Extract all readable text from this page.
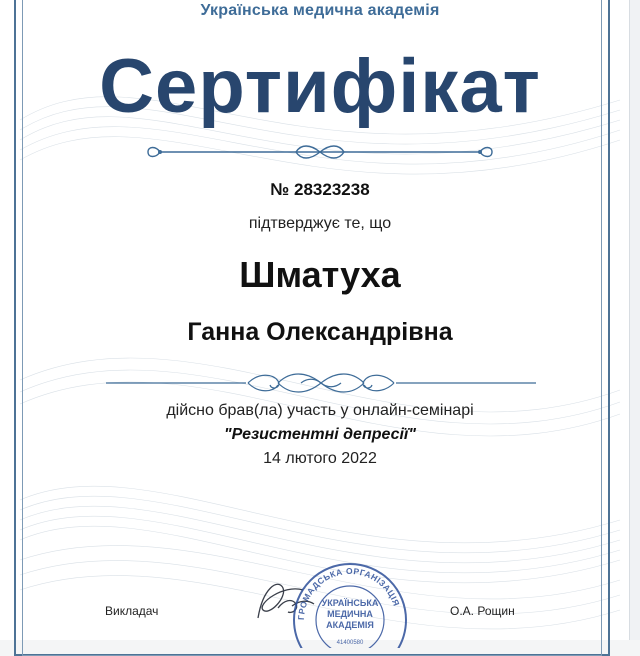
Українська медична академія
Сертифікат
№ 28323238
підтверджує те, що
Шматуха
Ганна Олександрівна
дійсно брав(ла) участь у онлайн-семінарі
"Резистентні депресії"
14 лютого 2022
Викладач	О.А. Рощин
ГРОМАДСЬКА ОРГАНІЗАЦІЯ
УКРАЇНСЬКА
МЕДИЧНА
АКАДЕМІЯ
41400580
